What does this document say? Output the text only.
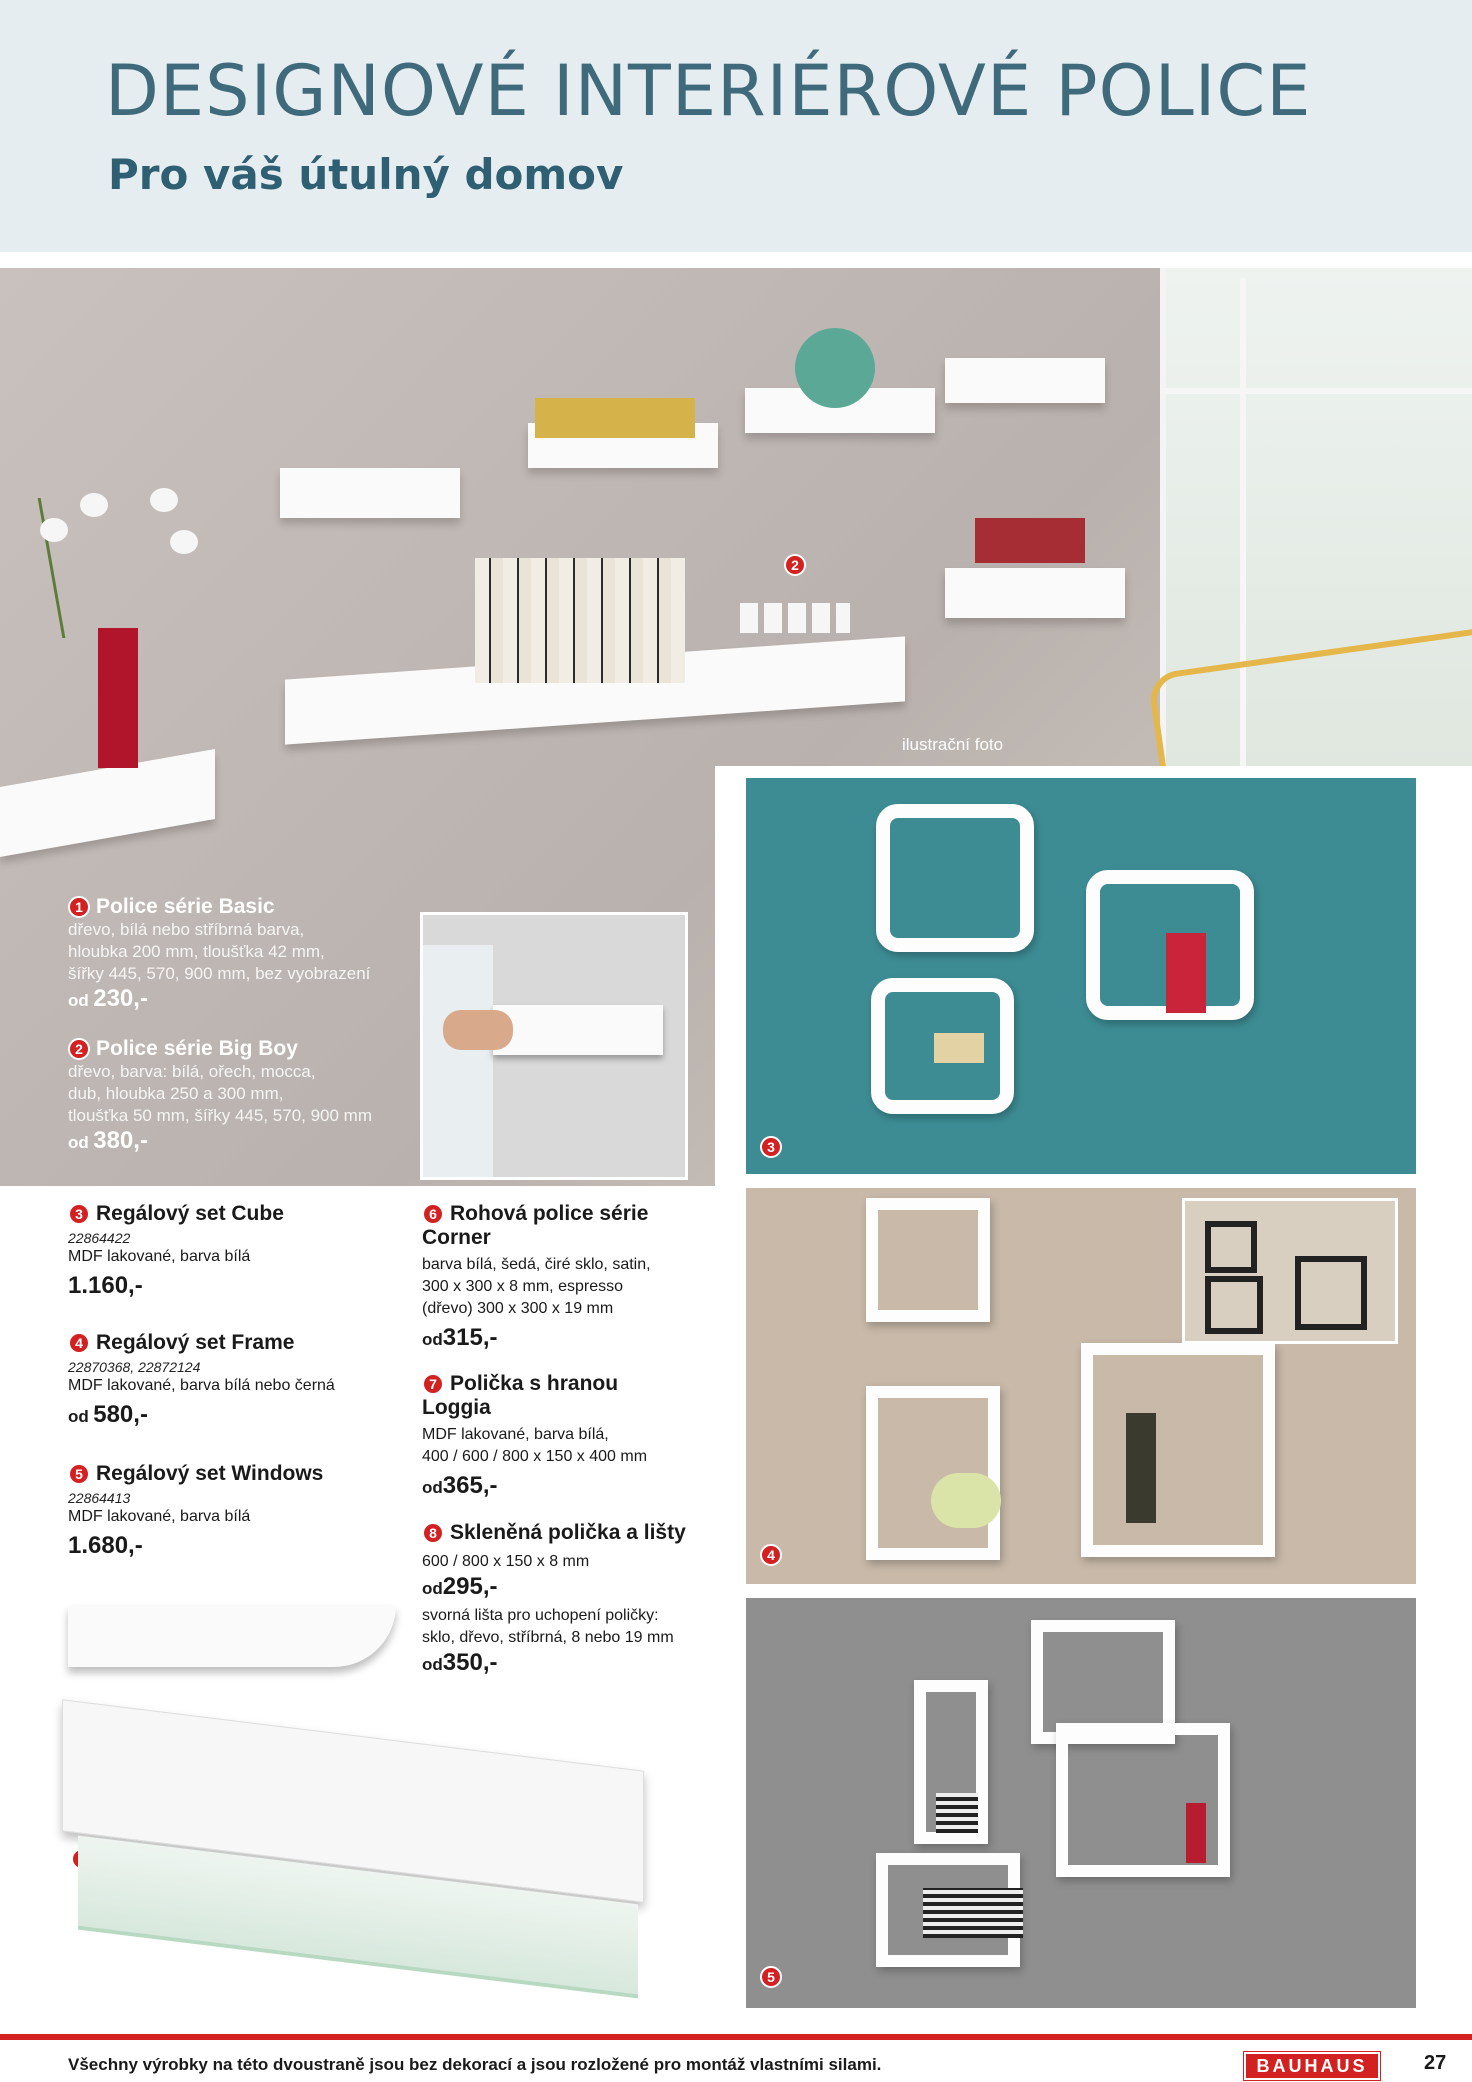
DESIGNOVÉ INTERIÉROVÉ POLICE
Pro váš útulný domov
2
ilustrační foto
1 Police série Basic
dřevo, bílá nebo stříbrná barva,
hloubka 200 mm, tloušťka 42 mm,
šířky 445, 570, 900 mm, bez vyobrazení
od 230,-
2 Police série Big Boy
dřevo, barva: bílá, ořech, mocca,
dub, hloubka 250 a 300 mm,
tloušťka 50 mm, šířky 445, 570, 900 mm
od 380,-	3
4
5
3 Regálový set Cube
22864422
MDF lakované, barva bílá
1.160,-
4 Regálový set Frame
22870368, 22872124
MDF lakované, barva bílá nebo černá
od 580,-
5 Regálový set Windows
22864413
MDF lakované, barva bílá
1.680,-
6 Rohová police série
Corner
barva bílá, šedá, čiré sklo, satin,
300 x 300 x 8 mm, espresso
(dřevo) 300 x 300 x 19 mm
od315,-
7 Polička s hranou
Loggia
MDF lakované, barva bílá,
400 / 600 / 800 x 150 x 400 mm
od365,-
8 Skleněná polička a lišty
600 / 800 x 150 x 8 mm
od295,-
svorná lišta pro uchopení poličky:
sklo, dřevo, stříbrná, 8 nebo 19 mm
od350,-
Všechny výrobky na této dvoustraně jsou bez dekorací a jsou rozložené pro montáž vlastními silami.	BAUHAUS	27
